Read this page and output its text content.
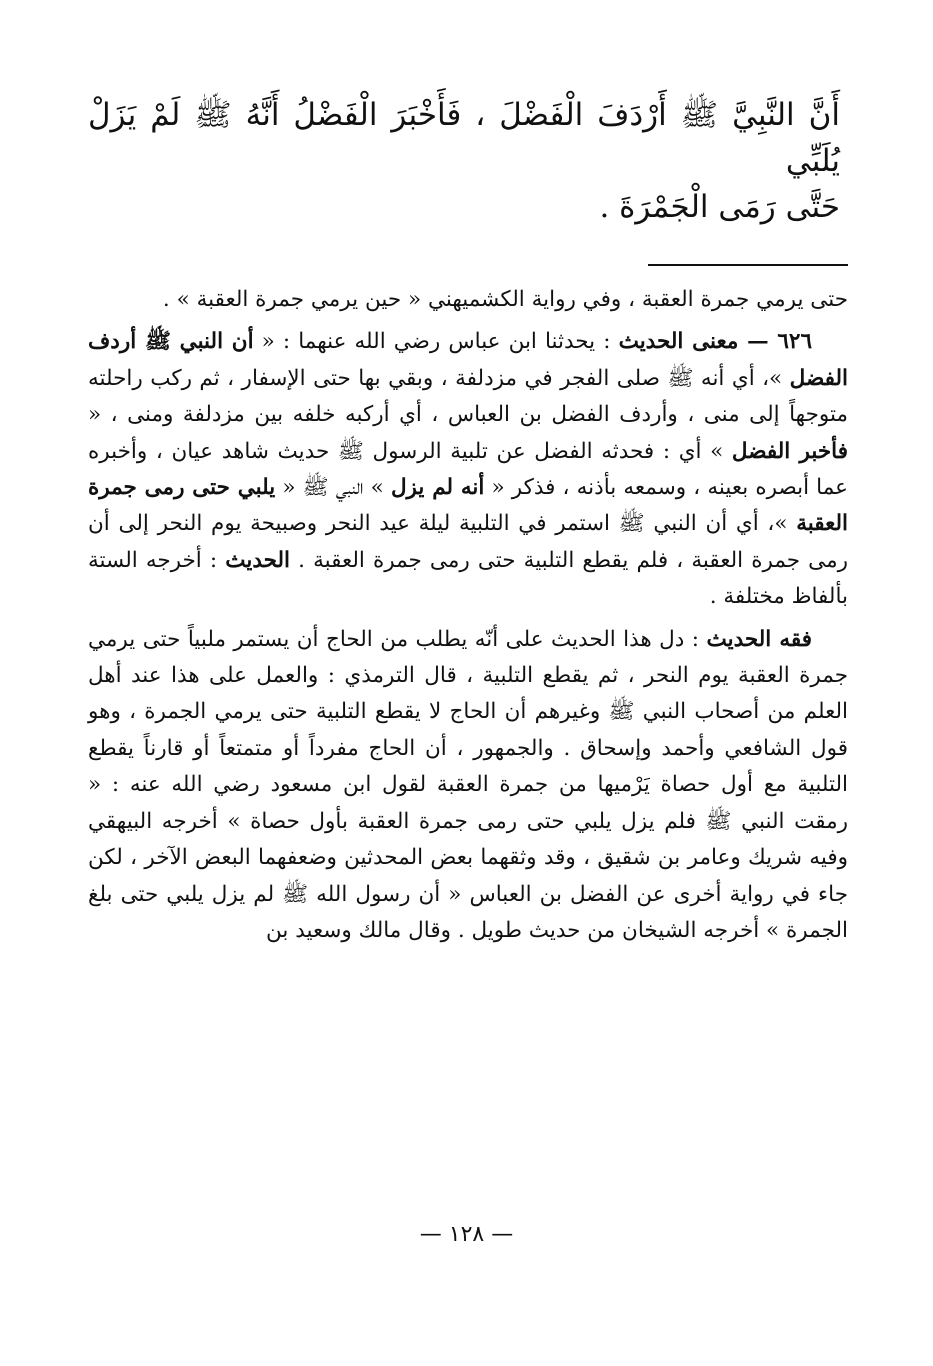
أَنَّ النَّبِيَّ ﷺ أَرْدَفَ الْفَضْلَ ، فَأَخْبَرَ الْفَضْلُ أَنَّهُ ﷺ لَمْ يَزَلْ يُلَبِّي

حَتَّى رَمَى الْجَمْرَةَ .

حتى يرمي جمرة العقبة ، وفي رواية الكشميهني « حين يرمي جمرة العقبة » .

٦٢٦ — معنى الحديث : يحدثنا ابن عباس رضي الله عنهما : « أن النبي ﷺ أردف الفضل »، أي أنه ﷺ صلى الفجر في مزدلفة ، وبقي بها حتى الإسفار ، ثم ركب راحلته متوجهاً إلى منى ، وأردف الفضل بن العباس ، أي أركبه خلفه بين مزدلفة ومنى ، « فأخبر الفضل » أي : فحدثه الفضل عن تلبية الرسول ﷺ حديث شاهد عيان ، وأخبره عما أبصره بعينه ، وسمعه بأذنه ، فذكر « أنه لم يزل » النبي ﷺ « يلبي حتى رمى جمرة العقبة »، أي أن النبي ﷺ استمر في التلبية ليلة عيد النحر وصبيحة يوم النحر إلى أن رمى جمرة العقبة ، فلم يقطع التلبية حتى رمى جمرة العقبة . الحديث : أخرجه الستة بألفاظ مختلفة .

فقه الحديث : دل هذا الحديث على أنّه يطلب من الحاج أن يستمر ملبياً حتى يرمي جمرة العقبة يوم النحر ، ثم يقطع التلبية ، قال الترمذي : والعمل على هذا عند أهل العلم من أصحاب النبي ﷺ وغيرهم أن الحاج لا يقطع التلبية حتى يرمي الجمرة ، وهو قول الشافعي وأحمد وإسحاق . والجمهور ، أن الحاج مفرداً أو متمتعاً أو قارناً يقطع التلبية مع أول حصاة يَرْميها من جمرة العقبة لقول ابن مسعود رضي الله عنه : « رمقت النبي ﷺ فلم يزل يلبي حتى رمى جمرة العقبة بأول حصاة » أخرجه البيهقي وفيه شريك وعامر بن شقيق ، وقد وثقهما بعض المحدثين وضعفهما البعض الآخر ، لكن جاء في رواية أخرى عن الفضل بن العباس « أن رسول الله ﷺ لم يزل يلبي حتى بلغ الجمرة » أخرجه الشيخان من حديث طويل . وقال مالك وسعيد بن

— ١٢٨ —
